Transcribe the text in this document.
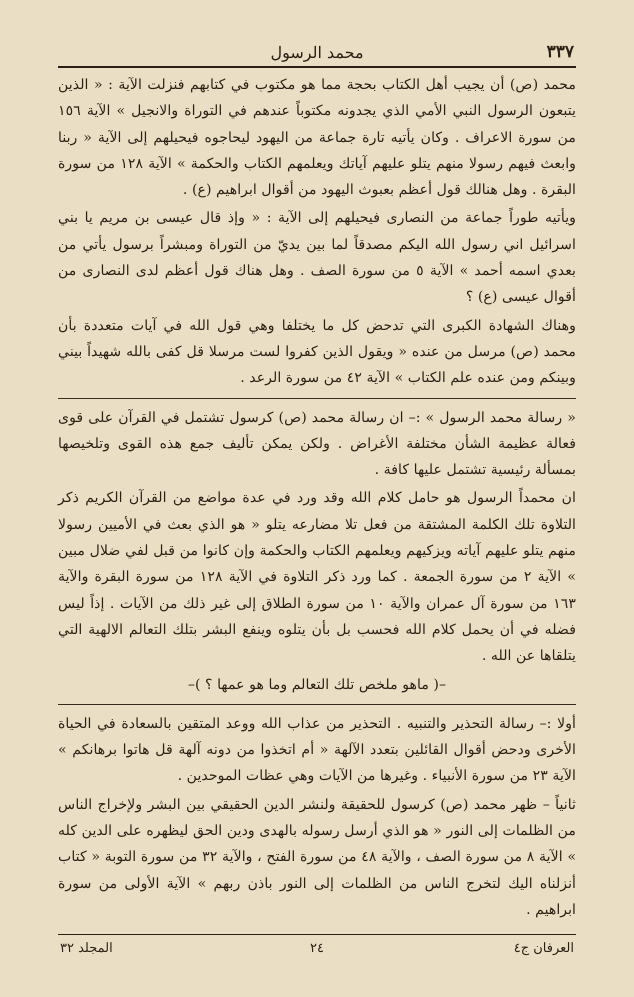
٣٣٧
محمد الرسول

محمد (ص) أن يجيب أهل الكتاب بحجة مما هو مكتوب في كتابهم فنزلت الآية : « الذين يتبعون الرسول النبي الأمي الذي يجدونه مكتوباً عندهم في التوراة والانجيل » الآية ١٥٦ من سورة الاعراف . وكان يأتيه تارة جماعة من اليهود ليحاجوه فيحيلهم إلى الآية « ربنا وابعث فيهم رسولا منهم يتلو عليهم آياتك ويعلمهم الكتاب والحكمة » الآية ١٢٨ من سورة البقرة . وهل هنالك قول أعظم بعبوث اليهود من أقوال ابراهيم (ع) .

ويأتيه طوراً جماعة من النصارى فيحيلهم إلى الآية : « وإذ قال عيسى بن مريم يا بني اسرائيل اني رسول الله اليكم مصدقاً لما بين يديّ من التوراة ومبشراً برسول يأتي من بعدي اسمه أحمد » الآية ٥ من سورة الصف . وهل هناك قول أعظم لدى النصارى من أقوال عيسى (ع) ؟

وهناك الشهادة الكبرى التي تدحض كل ما يختلفا وهي قول الله في آيات متعددة بأن محمد (ص) مرسل من عنده « ويقول الذين كفروا لست مرسلا قل كفى بالله شهيداً بيني وبينكم ومن عنده علم الكتاب » الآية ٤٢ من سورة الرعد .

« رسالة محمد الرسول » :– ان رسالة محمد (ص) كرسول تشتمل في القرآن على قوى فعالة عظيمة الشأن مختلفة الأغراض . ولكن يمكن تأليف جمع هذه القوى وتلخيصها بمسألة رئيسية تشتمل عليها كافة .

ان محمداً الرسول هو حامل كلام الله وقد ورد في عدة مواضع من القرآن الكريم ذكر التلاوة تلك الكلمة المشتقة من فعل تلا مضارعه يتلو « هو الذي بعث في الأميين رسولا منهم يتلو عليهم آياته ويزكيهم ويعلمهم الكتاب والحكمة وإن كانوا من قبل لفي ضلال مبين » الآية ٢ من سورة الجمعة . كما ورد ذكر التلاوة في الآية ١٢٨ من سورة البقرة والآية ١٦٣ من سورة آل عمران والآية ١٠ من سورة الطلاق إلى غير ذلك من الآيات . إذاً ليس فضله في أن يحمل كلام الله فحسب بل بأن يتلوه وينفع البشر بتلك التعالم الالهية التي يتلقاها عن الله .

–( ماهو ملخص تلك التعالم وما هو عمها ؟ )–

أولا :– رسالة التحذير والتنبيه . التحذير من عذاب الله ووعد المتقين بالسعادة في الحياة الأخرى ودحض أقوال القائلين بتعدد الآلهة « أم اتخذوا من دونه آلهة قل هاتوا برهانكم » الآية ٢٣ من سورة الأنبياء . وغيرها من الآيات وهي عظات الموحدين .

ثانياً – ظهر محمد (ص) كرسول للحقيقة ولنشر الدين الحقيقي بين البشر ولإخراج الناس من الظلمات إلى النور « هو الذي أرسل رسوله بالهدى ودين الحق ليظهره على الدين كله » الآية ٨ من سورة الصف ، والآية ٤٨ من سورة الفتح ، والآية ٣٢ من سورة التوبة « كتاب أنزلناه اليك لتخرج الناس من الظلمات إلى النور باذن ربهم » الآية الأولى من سورة ابراهيم .

العرفان ج٤
٢٤
المجلد ٣٢
